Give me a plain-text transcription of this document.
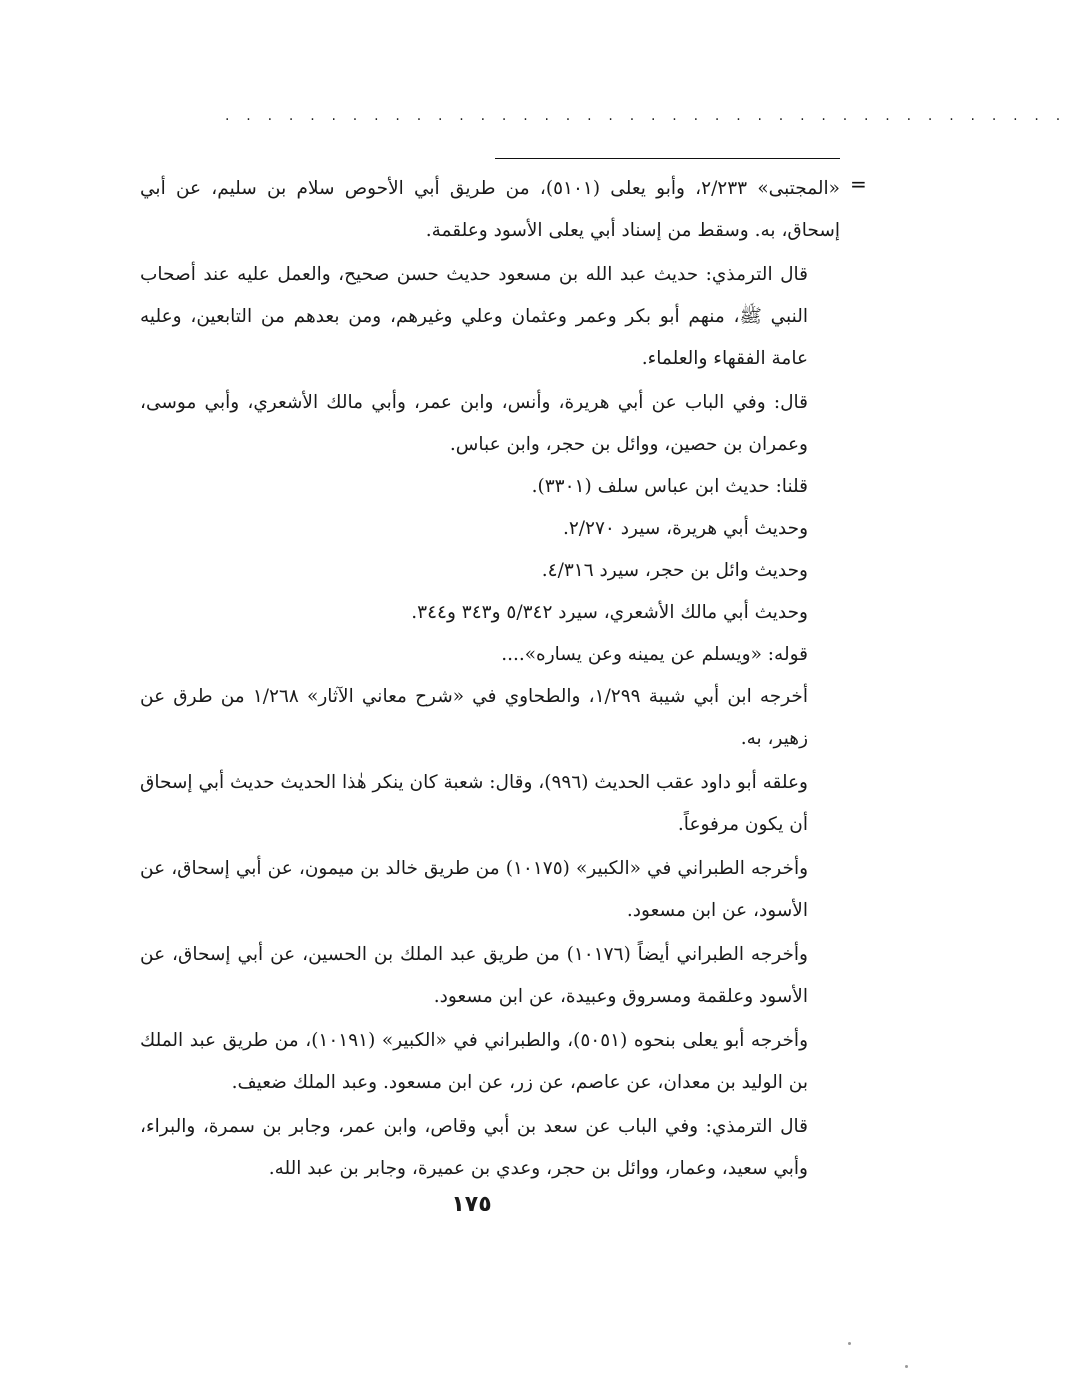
· · · · · · · · · · · · · · · · · · · · · · · · · · · · · · · · · · · · · · · ·
=

«المجتبى» ٢/٢٣٣، وأبو يعلى (٥١٠١)، من طريق أبي الأحوص سلام بن سليم، عن أبي إسحاق، به. وسقط من إسناد أبي يعلى الأسود وعلقمة.

قال الترمذي: حديث عبد الله بن مسعود حديث حسن صحيح، والعمل عليه عند أصحاب النبي ﷺ، منهم أبو بكر وعمر وعثمان وعلي وغيرهم، ومن بعدهم من التابعين، وعليه عامة الفقهاء والعلماء.

قال: وفي الباب عن أبي هريرة، وأنس، وابن عمر، وأبي مالك الأشعري، وأبي موسى، وعمران بن حصين، ووائل بن حجر، وابن عباس.

قلنا: حديث ابن عباس سلف (٣٣٠١).

وحديث أبي هريرة، سيرد ٢/٢٧٠.

وحديث وائل بن حجر، سيرد ٤/٣١٦.

وحديث أبي مالك الأشعري، سيرد ٥/٣٤٢ و٣٤٣ و٣٤٤.

قوله: «ويسلم عن يمينه وعن يساره»....

أخرجه ابن أبي شيبة ١/٢٩٩، والطحاوي في «شرح معاني الآثار» ١/٢٦٨ من طرق عن زهير، به.

وعلقه أبو داود عقب الحديث (٩٩٦)، وقال: شعبة كان ينكر هٰذا الحديث حديث أبي إسحاق أن يكون مرفوعاً.

وأخرجه الطبراني في «الكبير» (١٠١٧٥) من طريق خالد بن ميمون، عن أبي إسحاق، عن الأسود، عن ابن مسعود.

وأخرجه الطبراني أيضاً (١٠١٧٦) من طريق عبد الملك بن الحسين، عن أبي إسحاق، عن الأسود وعلقمة ومسروق وعبيدة، عن ابن مسعود.

وأخرجه أبو يعلى بنحوه (٥٠٥١)، والطبراني في «الكبير» (١٠١٩١)، من طريق عبد الملك بن الوليد بن معدان، عن عاصم، عن زر، عن ابن مسعود. وعبد الملك ضعيف.

قال الترمذي: وفي الباب عن سعد بن أبي وقاص، وابن عمر، وجابر بن سمرة، والبراء، وأبي سعيد، وعمار، ووائل بن حجر، وعدي بن عميرة، وجابر بن عبد الله.

١٧٥
